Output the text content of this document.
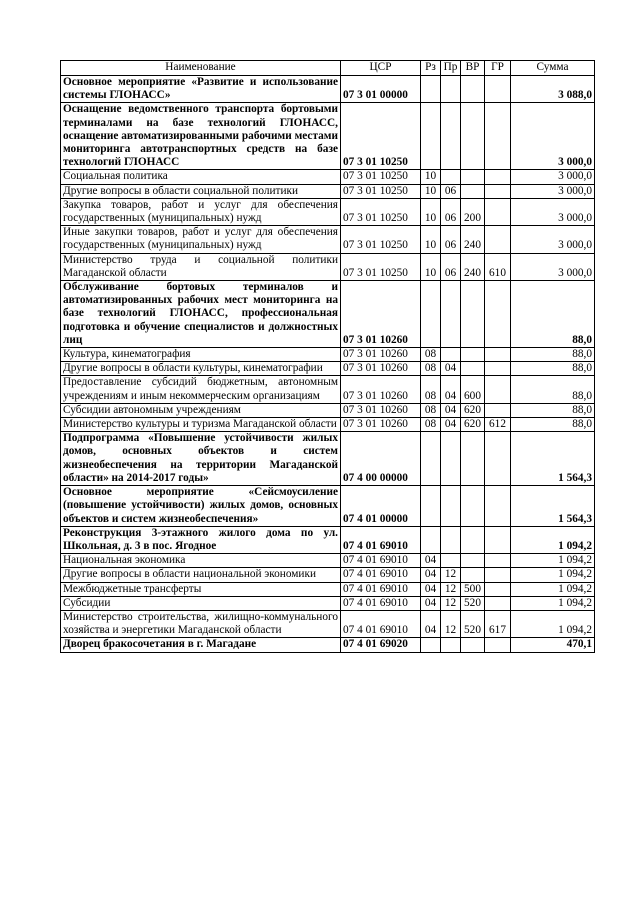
Наименование	ЦСР	Рз	Пр	ВР	ГР	Сумма
Основное мероприятие «Развитие и использование системы ГЛОНАСС»	07 3 01 00000					3 088,0
Оснащение ведомственного транспорта бортовыми терминалами на базе технологий ГЛОНАСС, оснащение автоматизированными рабочими местами мониторинга автотранспортных средств на базе технологий ГЛОНАСС	07 3 01 10250					3 000,0
Социальная политика	07 3 01 10250	10				3 000,0
Другие вопросы в области социальной политики	07 3 01 10250	10	06			3 000,0
Закупка товаров, работ и услуг для обеспечения государственных (муниципальных) нужд	07 3 01 10250	10	06	200		3 000,0
Иные закупки товаров, работ и услуг для обеспечения государственных (муниципальных) нужд	07 3 01 10250	10	06	240		3 000,0
Министерство труда и социальной политики Магаданской области	07 3 01 10250	10	06	240	610	3 000,0
Обслуживание бортовых терминалов и автоматизированных рабочих мест мониторинга на базе технологий ГЛОНАСС, профессиональная подготовка и обучение специалистов и должностных лиц	07 3 01 10260					88,0
Культура, кинематография	07 3 01 10260	08				88,0
Другие вопросы в области культуры, кинематографии	07 3 01 10260	08	04			88,0
Предоставление субсидий бюджетным, автономным учреждениям и иным некоммерческим организациям	07 3 01 10260	08	04	600		88,0
Субсидии автономным учреждениям	07 3 01 10260	08	04	620		88,0
Министерство культуры и туризма Магаданской области	07 3 01 10260	08	04	620	612	88,0
Подпрограмма «Повышение устойчивости жилых домов, основных объектов и систем жизнеобеспечения на территории Магаданской области» на 2014-2017 годы»	07 4 00 00000					1 564,3
Основное мероприятие «Сейсмоусиление (повышение устойчивости) жилых домов, основных объектов и систем жизнеобеспечения»	07 4 01 00000					1 564,3
Реконструкция 3-этажного жилого дома по ул. Школьная, д. 3 в пос. Ягодное	07 4 01 69010					1 094,2
Национальная экономика	07 4 01 69010	04				1 094,2
Другие вопросы в области национальной экономики	07 4 01 69010	04	12			1 094,2
Межбюджетные трансферты	07 4 01 69010	04	12	500		1 094,2
Субсидии	07 4 01 69010	04	12	520		1 094,2
Министерство строительства, жилищно-коммунального хозяйства и энергетики Магаданской области	07 4 01 69010	04	12	520	617	1 094,2
Дворец бракосочетания в г. Магадане	07 4 01 69020					470,1
